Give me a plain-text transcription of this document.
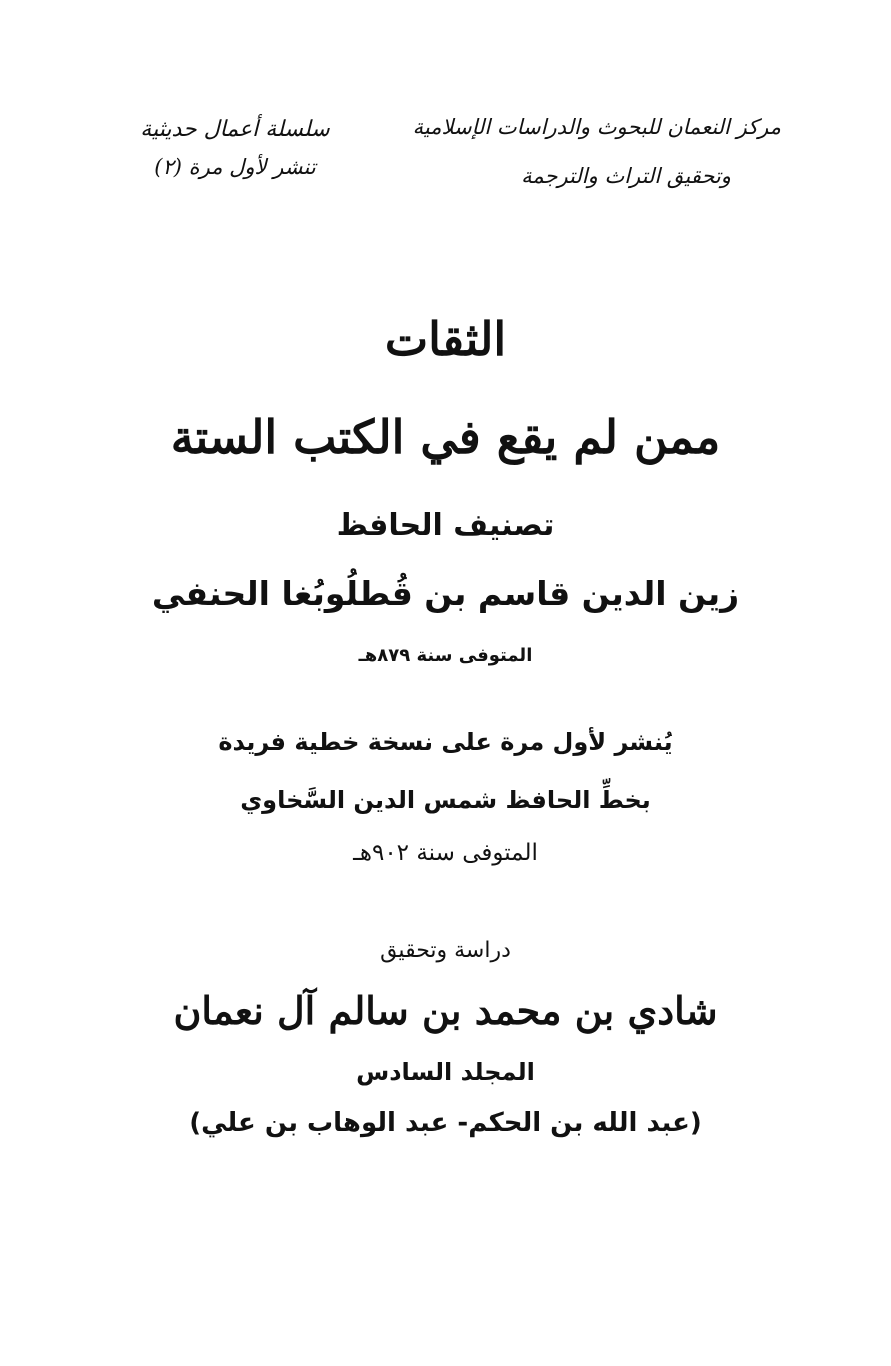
مركز النعمان للبحوث والدراسات الإسلامية
وتحقيق التراث والترجمة
سلسلة أعمال حديثية
تنشر لأول مرة (٢)
الثقات
ممن لم يقع في الكتب الستة
تصنيف الحافظ
زين الدين قاسم بن قُطلُوبُغا الحنفي
المتوفى سنة ٨٧٩هـ
يُنشر لأول مرة على نسخة خطية فريدة
بخطِّ الحافظ شمس الدين السَّخاوي
المتوفى سنة ٩٠٢هـ
دراسة وتحقيق
شادي بن محمد بن سالم آل نعمان
المجلد السادس
(عبد الله بن الحكم- عبد الوهاب بن علي)
